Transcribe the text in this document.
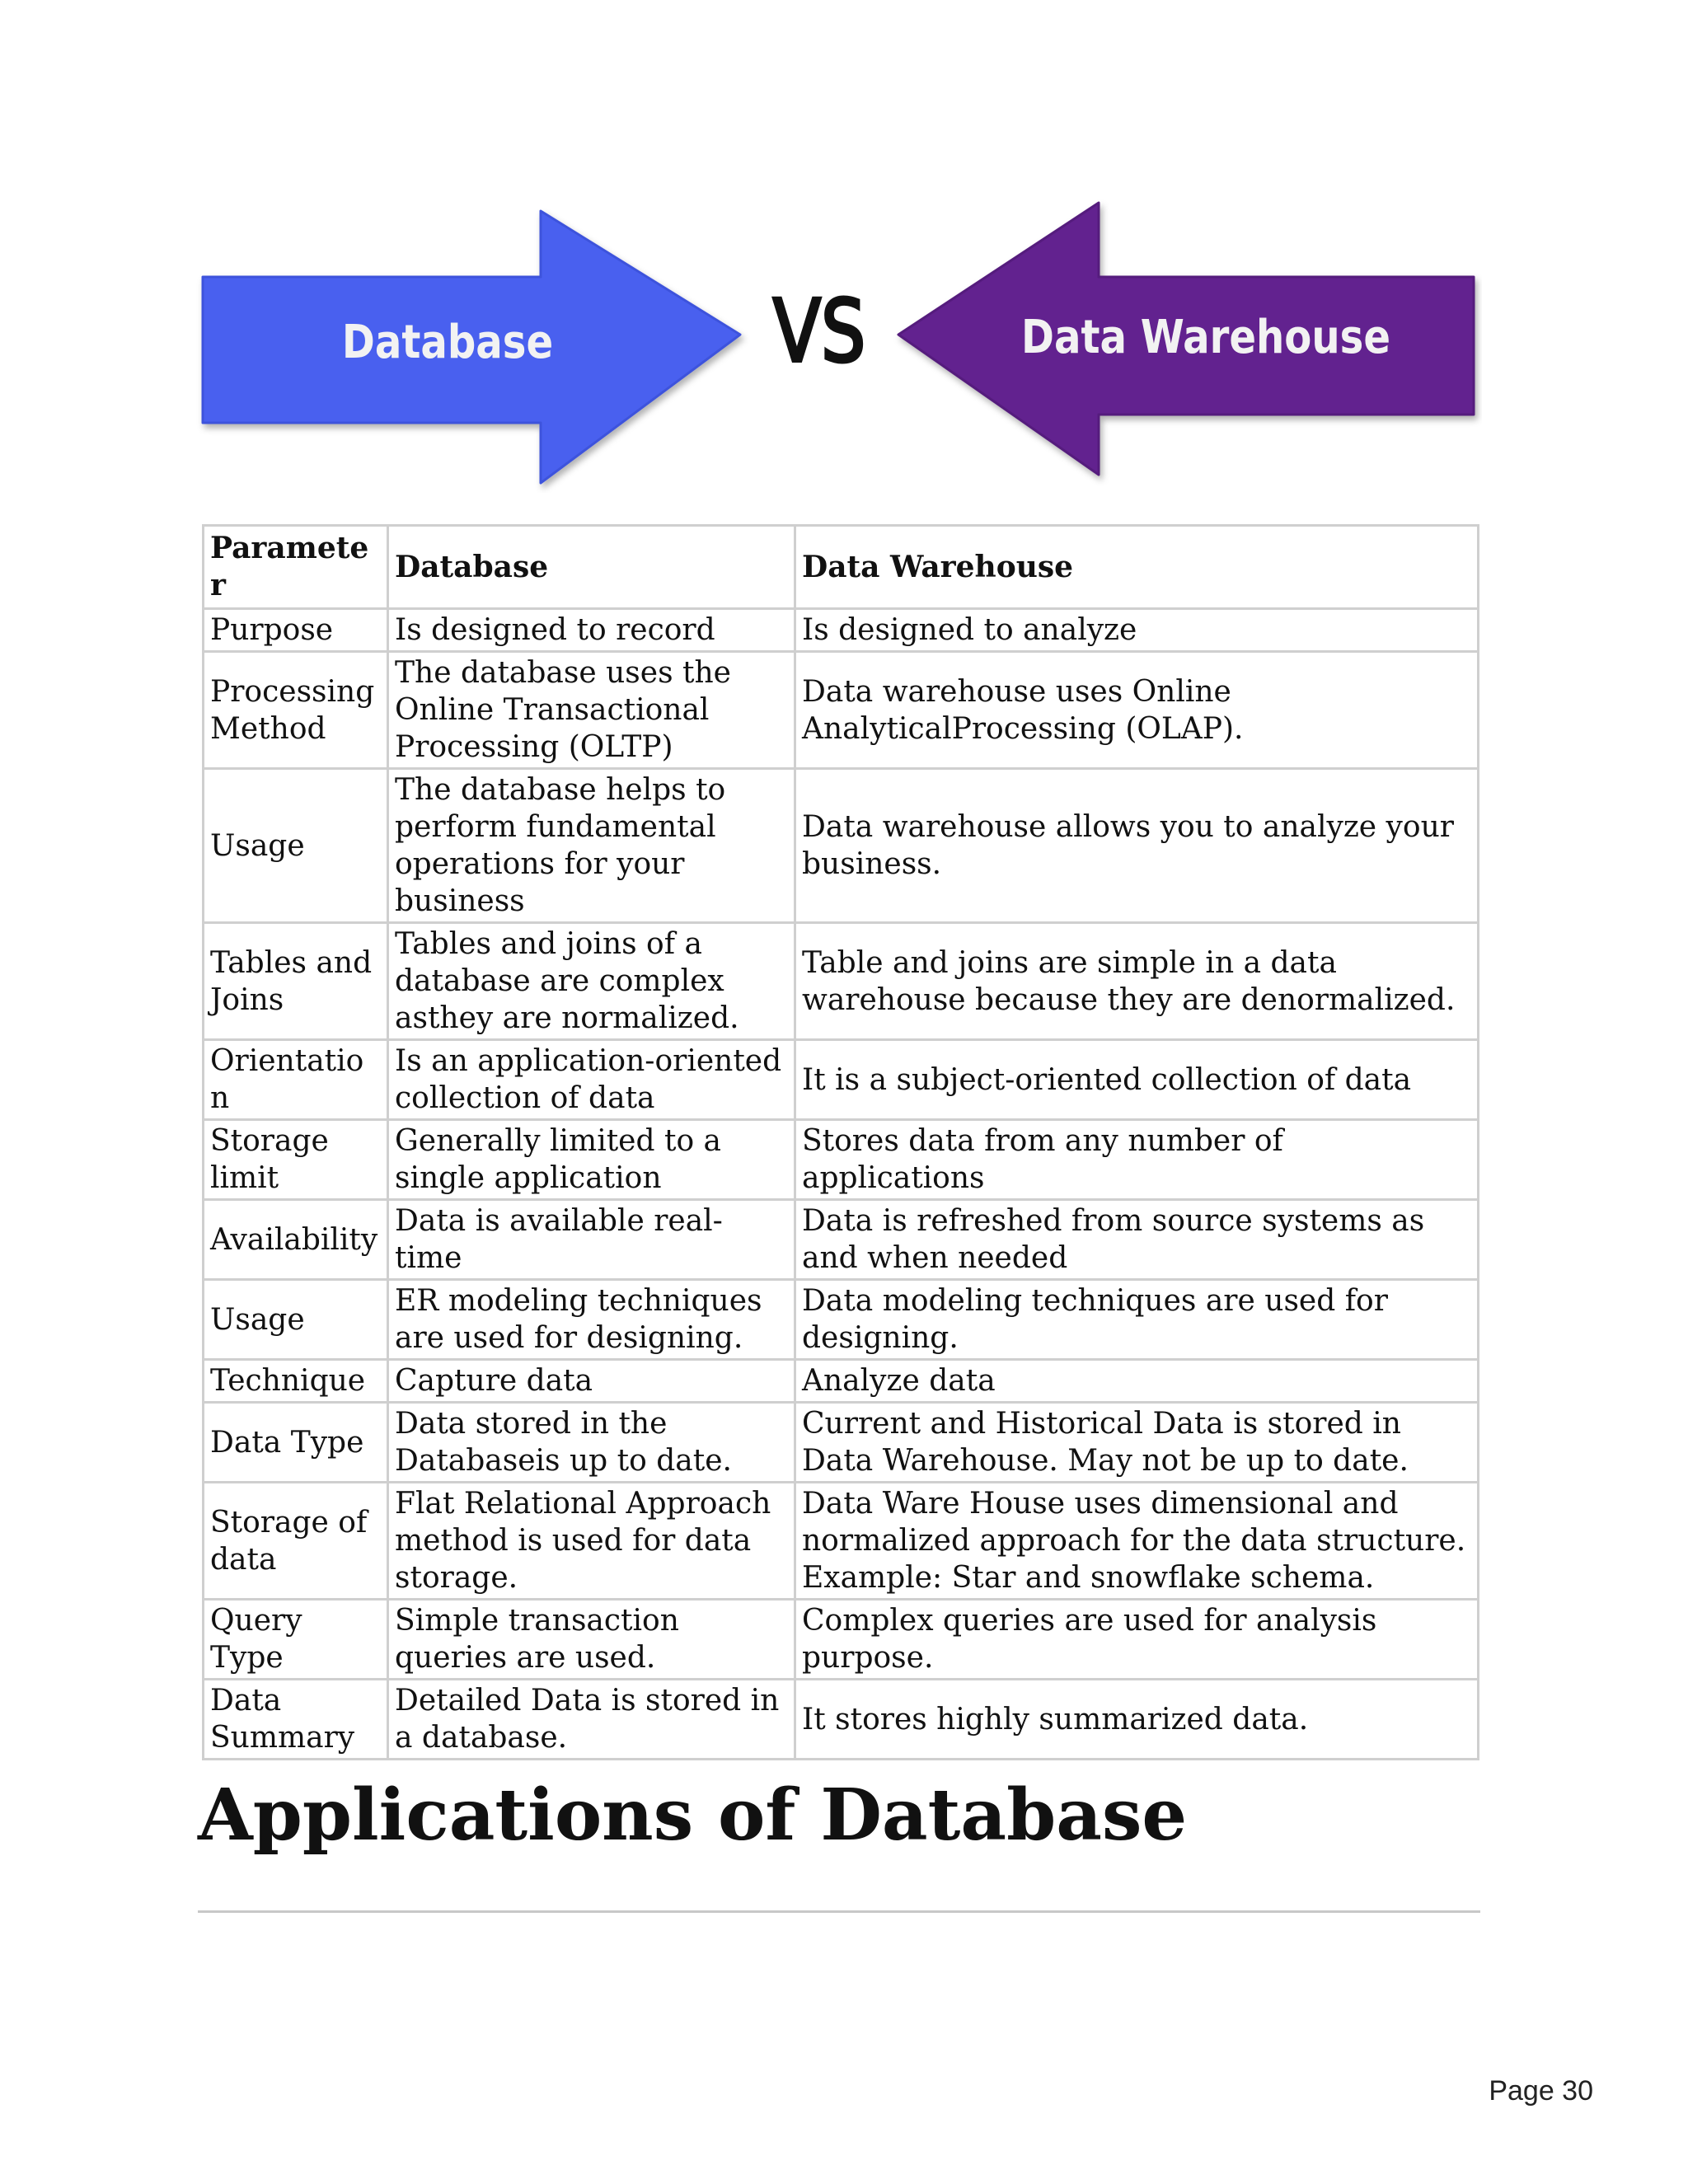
Database	VS	Data Warehouse
Parameter	Database	Data Warehouse
Purpose	Is designed to record	Is designed to analyze
Processing Method	The database uses the Online Transactional Processing (OLTP)	Data warehouse uses Online AnalyticalProcessing (OLAP).
Usage	The database helps to perform fundamental operations for your business	Data warehouse allows you to analyze your business.
Tables and Joins	Tables and joins of a database are complex asthey are normalized.	Table and joins are simple in a data warehouse because they are denormalized.
Orientation	Is an application-oriented collection of data	It is a subject-oriented collection of data
Storage limit	Generally limited to a single application	Stores data from any number of applications
Availability	Data is available real-time	Data is refreshed from source systems as and when needed
Usage	ER modeling techniques are used for designing.	Data modeling techniques are used for designing.
Technique	Capture data	Analyze data
Data Type	Data stored in the Databaseis up to date.	Current and Historical Data is stored in Data Warehouse. May not be up to date.
Storage of data	Flat Relational Approach method is used for data storage.	Data Ware House uses dimensional and normalized approach for the data structure. Example: Star and snowflake schema.
Query Type	Simple transaction queries are used.	Complex queries are used for analysis purpose.
Data Summary	Detailed Data is stored in a database.	It stores highly summarized data.
Applications of Database
Page 30
